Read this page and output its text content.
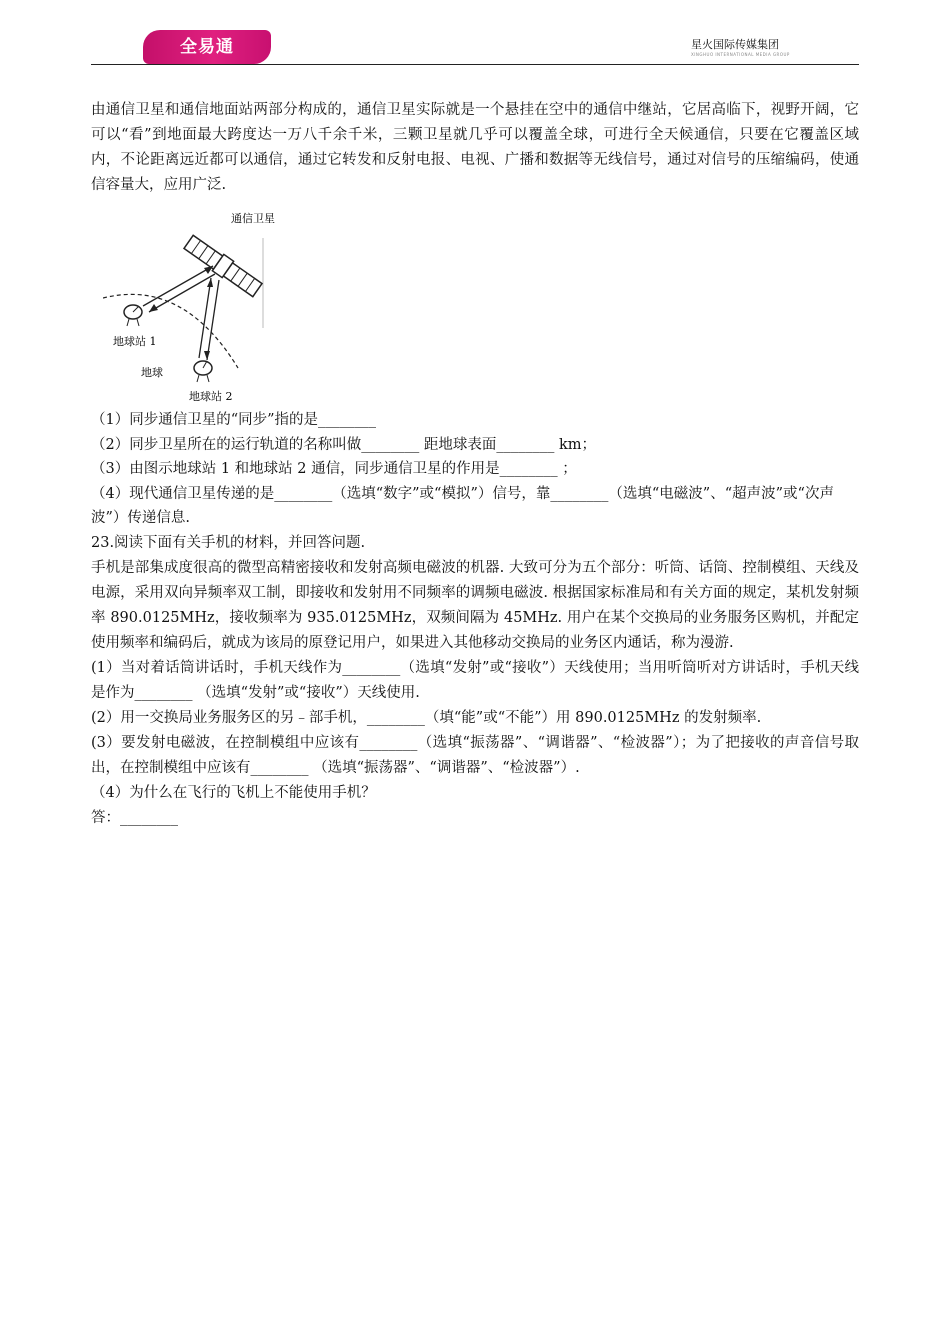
全易通	星火国际传媒集团
XINGHUO INTERNATIONAL MEDIA GROUP

由通信卫星和通信地面站两部分构成的，通信卫星实际就是一个悬挂在空中的通信中继站，它居高临下，视野开阔，它可以“看”到地面最大跨度达一万八千余千米，三颗卫星就几乎可以覆盖全球，可进行全天候通信，只要在它覆盖区域内，不论距离远近都可以通信，通过它转发和反射电报、电视、广播和数据等无线信号，通过对信号的压缩编码，使通信容量大，应用广泛.

通信卫星
地球站 1
地球
地球站 2

（1）同步通信卫星的“同步”指的是________

（2）同步卫星所在的运行轨道的名称叫做________ 距地球表面________ km；

（3）由图示地球站 1 和地球站 2 通信，同步通信卫星的作用是________ ；

（4）现代通信卫星传递的是________（选填“数字”或“模拟”）信号，靠________（选填“电磁波”、“超声波”或“次声波”）传递信息.

23.阅读下面有关手机的材料，并回答问题.

手机是部集成度很高的微型高精密接收和发射高频电磁波的机器. 大致可分为五个部分：听筒、话筒、控制模组、天线及电源，采用双向异频率双工制，即接收和发射用不同频率的调频电磁波. 根据国家标准局和有关方面的规定，某机发射频率 890.0125MHz，接收频率为 935.0125MHz，双频间隔为 45MHz. 用户在某个交换局的业务服务区购机，并配定使用频率和编码后，就成为该局的原登记用户，如果进入其他移动交换局的业务区内通话，称为漫游.

(1）当对着话筒讲话时，手机天线作为________（选填“发射”或“接收”）天线使用；当用听筒听对方讲话时，手机天线是作为________ （选填“发射”或“接收”）天线使用.

(2）用一交换局业务服务区的另﹣部手机，________（填“能”或“不能”）用 890.0125MHz 的发射频率.

(3）要发射电磁波，在控制模组中应该有________（选填“振荡器”、“调谐器”、“检波器”）；为了把接收的声音信号取出，在控制模组中应该有________ （选填“振荡器”、“调谐器”、“检波器”）.

（4）为什么在飞行的飞机上不能使用手机？

答：________
